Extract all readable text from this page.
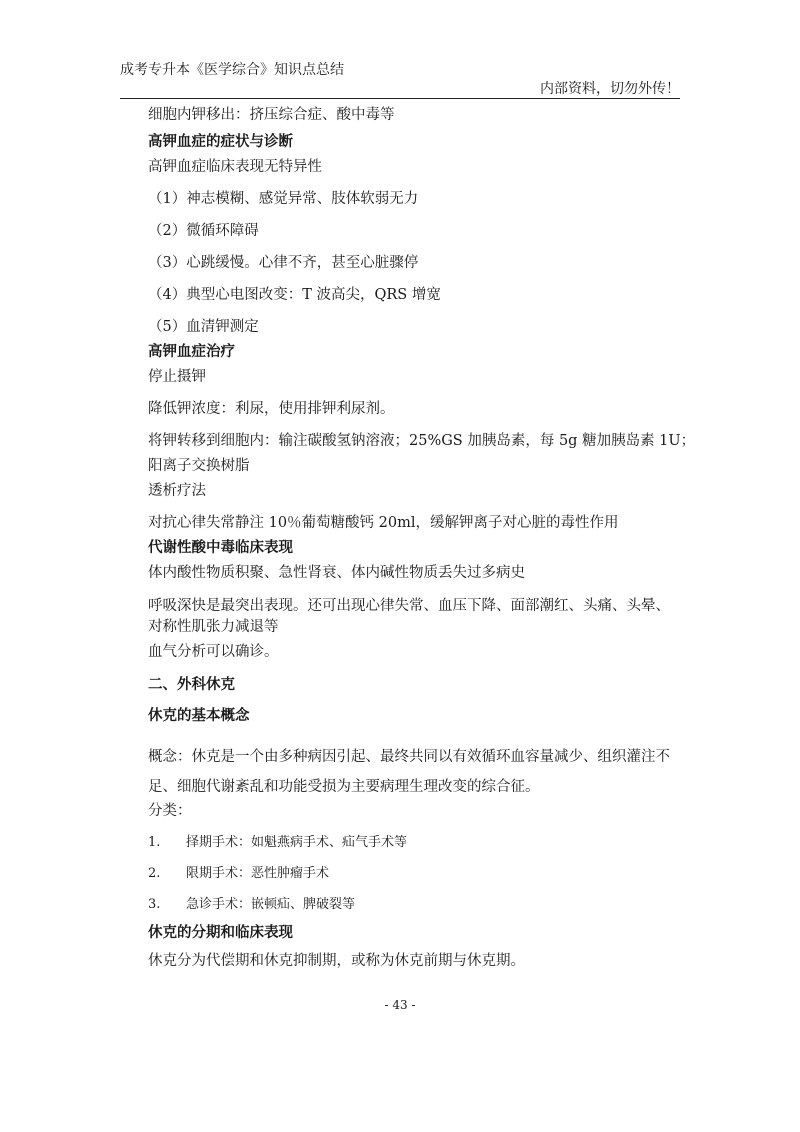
成考专升本《医学综合》知识点总结
内部资料，切勿外传！

细胞内钾移出：挤压综合症、酸中毒等

高钾血症的症状与诊断

高钾血症临床表现无特异性

（1）神志模糊、感觉异常、肢体软弱无力

（2）微循环障碍

（3）心跳缓慢。心律不齐，甚至心脏骤停

（4）典型心电图改变：T 波高尖，QRS 增宽

（5）血清钾测定

高钾血症治疗

停止摄钾

降低钾浓度：利尿，使用排钾利尿剂。

将钾转移到细胞内：输注碳酸氢钠溶液；25%GS 加胰岛素，每 5g 糖加胰岛素 1U；

阳离子交换树脂

透析疗法

对抗心律失常静注 10％葡萄糖酸钙 20ml，缓解钾离子对心脏的毒性作用

代谢性酸中毒临床表现

体内酸性物质积聚、急性肾衰、体内碱性物质丢失过多病史

呼吸深快是最突出表现。还可出现心律失常、血压下降、面部潮红、头痛、头晕、对称性肌张力减退等

血气分析可以确诊。

二、外科休克

休克的基本概念

概念：休克是一个由多种病因引起、最终共同以有效循环血容量减少、组织灌注不足、细胞代谢紊乱和功能受损为主要病理生理改变的综合征。

分类：

1.	择期手术：如魁燕病手术、疝气手术等
2.	限期手术：恶性肿瘤手术
3.	急诊手术：嵌顿疝、脾破裂等

休克的分期和临床表现

休克分为代偿期和休克抑制期，或称为休克前期与休克期。

- 43 -
